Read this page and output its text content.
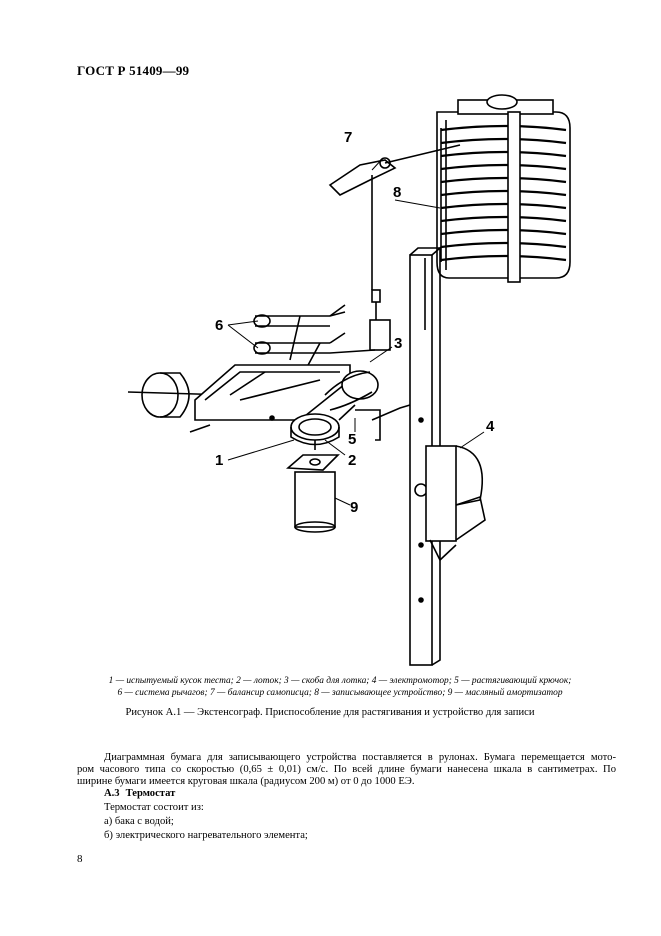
ГОСТ Р 51409—99
7
8
6
3
4
5
1	2
9
1 — испытуемый кусок теста; 2 — лоток; 3 — скоба для лотка; 4 — электромотор; 5 — растягивающий крючок;
6 — система рычагов; 7 — балансир самописца; 8 — записывающее устройство; 9 — масляный амортизатор
Рисунок А.1 — Экстенсограф. Приспособление для растягивания и устройство для записи
Диаграммная бумага для записывающего устройства поставляется в рулонах. Бумага перемещается мото-
ром часового типа со скоростью (0,65 ± 0,01) см/с. По всей длине бумаги нанесена шкала в сантиметрах. По
ширине бумаги имеется круговая шкала (радиусом 200 м) от 0 до 1000 ЕЭ.
А.3 Термостат
Термостат состоит из:
а) бака с водой;
б) электрического нагревательного элемента;
8
